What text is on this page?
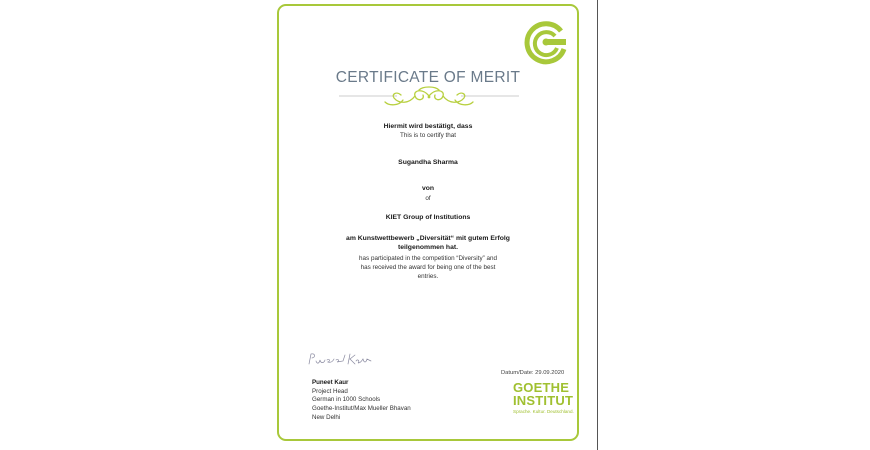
CERTIFICATE OF MERIT
Hiermit wird bestätigt, dass
This is to certify that
Sugandha Sharma
von
of
KIET Group of Institutions
am Kunstwettbewerb „Diversität“ mit gutem Erfolg
teilgenommen hat.
has participated in the competition “Diversity” and
has received the award for being one of the best
entries.
Puneet Kaur
Project Head
German in 1000 Schools
Goethe-Institut/Max Mueller Bhavan
New Delhi
Datum/Date: 29.09.2020
GOETHE
INSTITUT
Sprache. Kultur. Deutschland.
